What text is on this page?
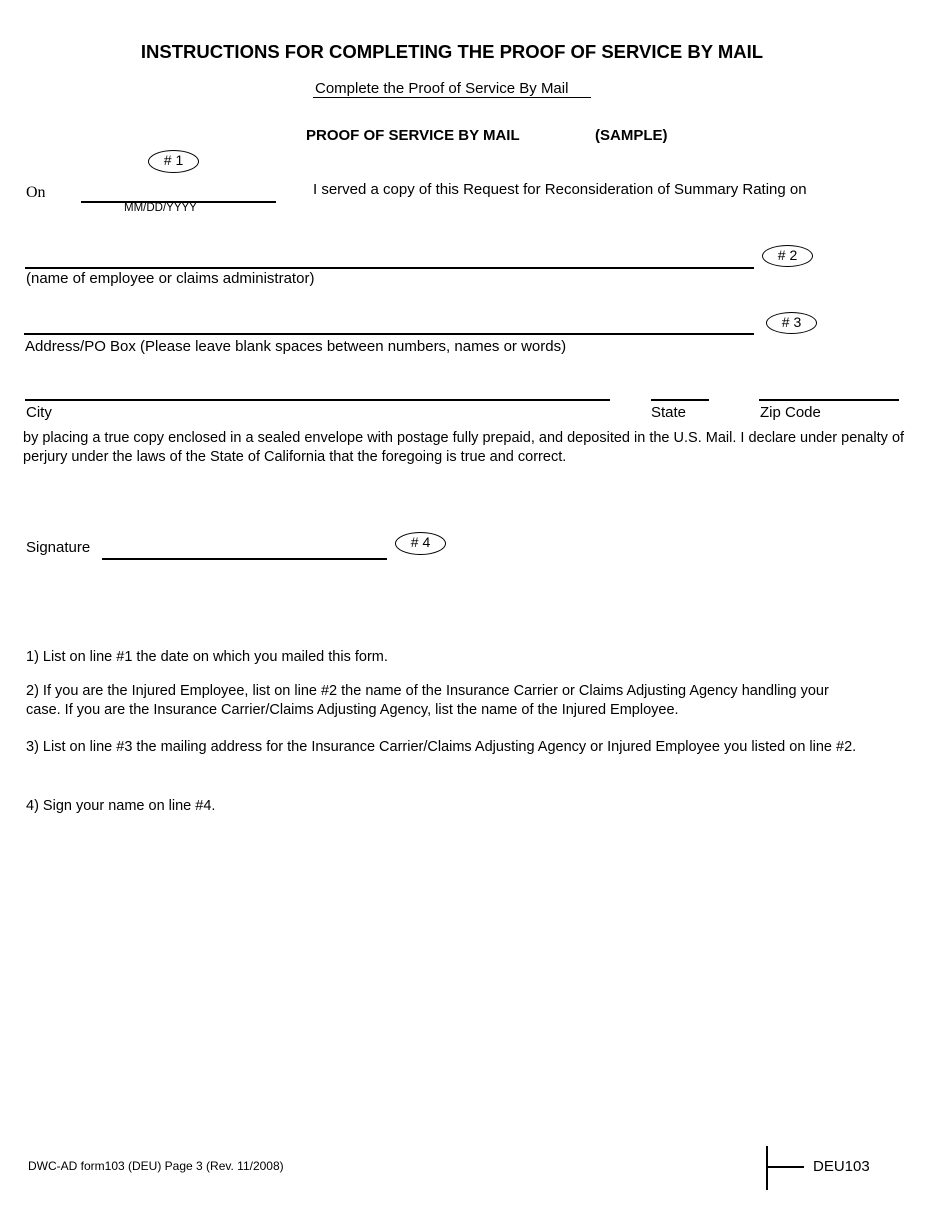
INSTRUCTIONS FOR COMPLETING THE PROOF OF SERVICE BY MAIL
Complete the Proof of Service By Mail
PROOF OF SERVICE BY MAIL	(SAMPLE)
# 1
On
MM/DD/YYYY
I served a copy of this Request for Reconsideration of Summary Rating on
# 2
(name of employee or claims administrator)
# 3
Address/PO Box (Please leave blank spaces between numbers, names or words)
City	State	Zip Code
by placing a true copy enclosed in a sealed envelope with postage fully prepaid, and deposited in the U.S. Mail. I declare under penalty of perjury under the laws of the State of California that the foregoing is true and correct.
Signature	# 4
1) List on line #1 the date on which you mailed this form.
2) If you are the Injured Employee, list on line #2 the name of the Insurance Carrier or Claims Adjusting Agency handling your case. If you are the Insurance Carrier/Claims Adjusting Agency, list the name of the Injured Employee.
3) List on line #3 the mailing address for the Insurance Carrier/Claims Adjusting Agency or Injured Employee you listed on line #2.
4) Sign your name on line #4.
DWC-AD form103 (DEU) Page 3 (Rev. 11/2008)	DEU103
